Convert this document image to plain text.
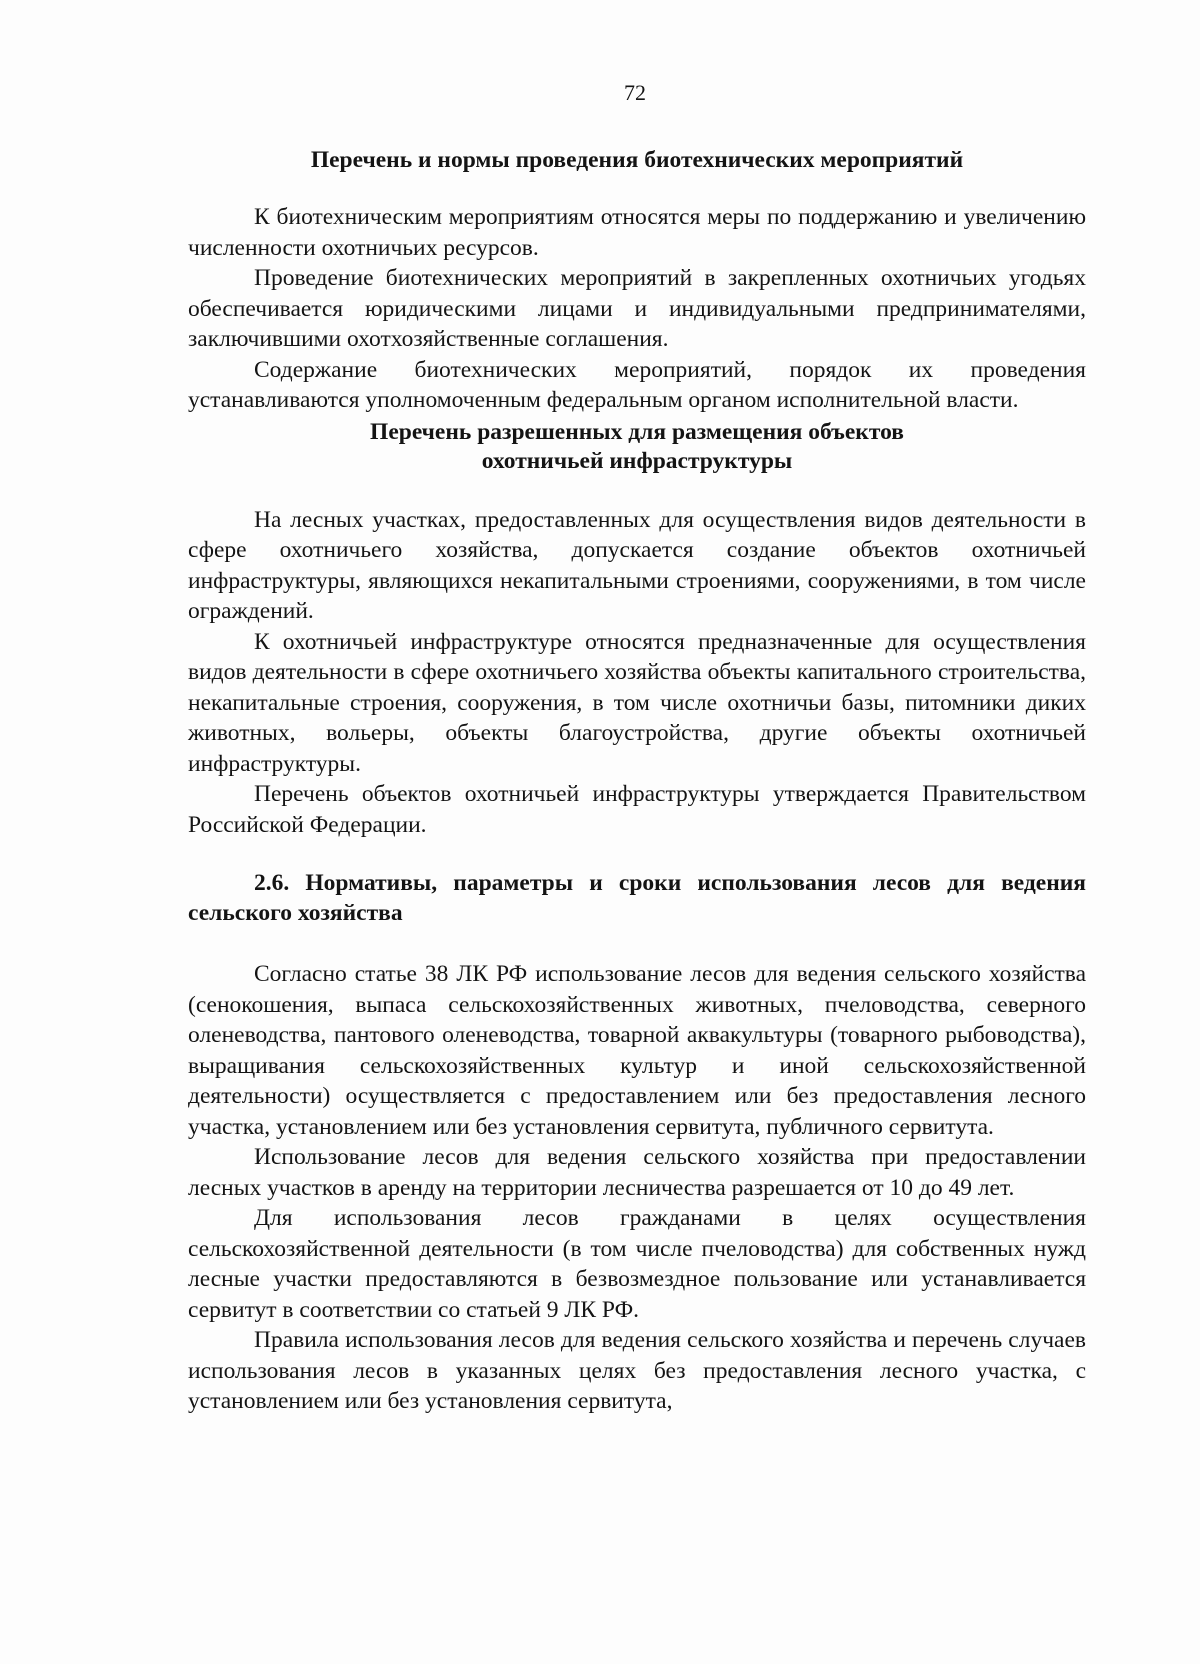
72

Перечень и нормы проведения биотехнических мероприятий

К биотехническим мероприятиям относятся меры по поддержанию и увеличению численности охотничьих ресурсов.

Проведение биотехнических мероприятий в закрепленных охотничьих угодьях обеспечивается юридическими лицами и индивидуальными предпринимателями, заключившими охотхозяйственные соглашения.

Содержание биотехнических мероприятий, порядок их проведения устанавливаются уполномоченным федеральным органом исполнительной власти.

Перечень разрешенных для размещения объектов
охотничьей инфраструктуры

На лесных участках, предоставленных для осуществления видов деятельности в сфере охотничьего хозяйства, допускается создание объектов охотничьей инфраструктуры, являющихся некапитальными строениями, сооружениями, в том числе ограждений.

К охотничьей инфраструктуре относятся предназначенные для осуществления видов деятельности в сфере охотничьего хозяйства объекты капитального строительства, некапитальные строения, сооружения, в том числе охотничьи базы, питомники диких животных, вольеры, объекты благоустройства, другие объекты охотничьей инфраструктуры.

Перечень объектов охотничьей инфраструктуры утверждается Правительством Российской Федерации.

2.6. Нормативы, параметры и сроки использования лесов для ведения сельского хозяйства

Согласно статье 38 ЛК РФ использование лесов для ведения сельского хозяйства (сенокошения, выпаса сельскохозяйственных животных, пчеловодства, северного оленеводства, пантового оленеводства, товарной аквакультуры (товарного рыбоводства), выращивания сельскохозяйственных культур и иной сельскохозяйственной деятельности) осуществляется с предоставлением или без предоставления лесного участка, установлением или без установления сервитута, публичного сервитута.

Использование лесов для ведения сельского хозяйства при предоставлении лесных участков в аренду на территории лесничества разрешается от 10 до 49 лет.

Для использования лесов гражданами в целях осуществления сельскохозяйственной деятельности (в том числе пчеловодства) для собственных нужд лесные участки предоставляются в безвозмездное пользование или устанавливается сервитут в соответствии со статьей 9 ЛК РФ.

Правила использования лесов для ведения сельского хозяйства и перечень случаев использования лесов в указанных целях без предоставления лесного участка, с установлением или без установления сервитута,
